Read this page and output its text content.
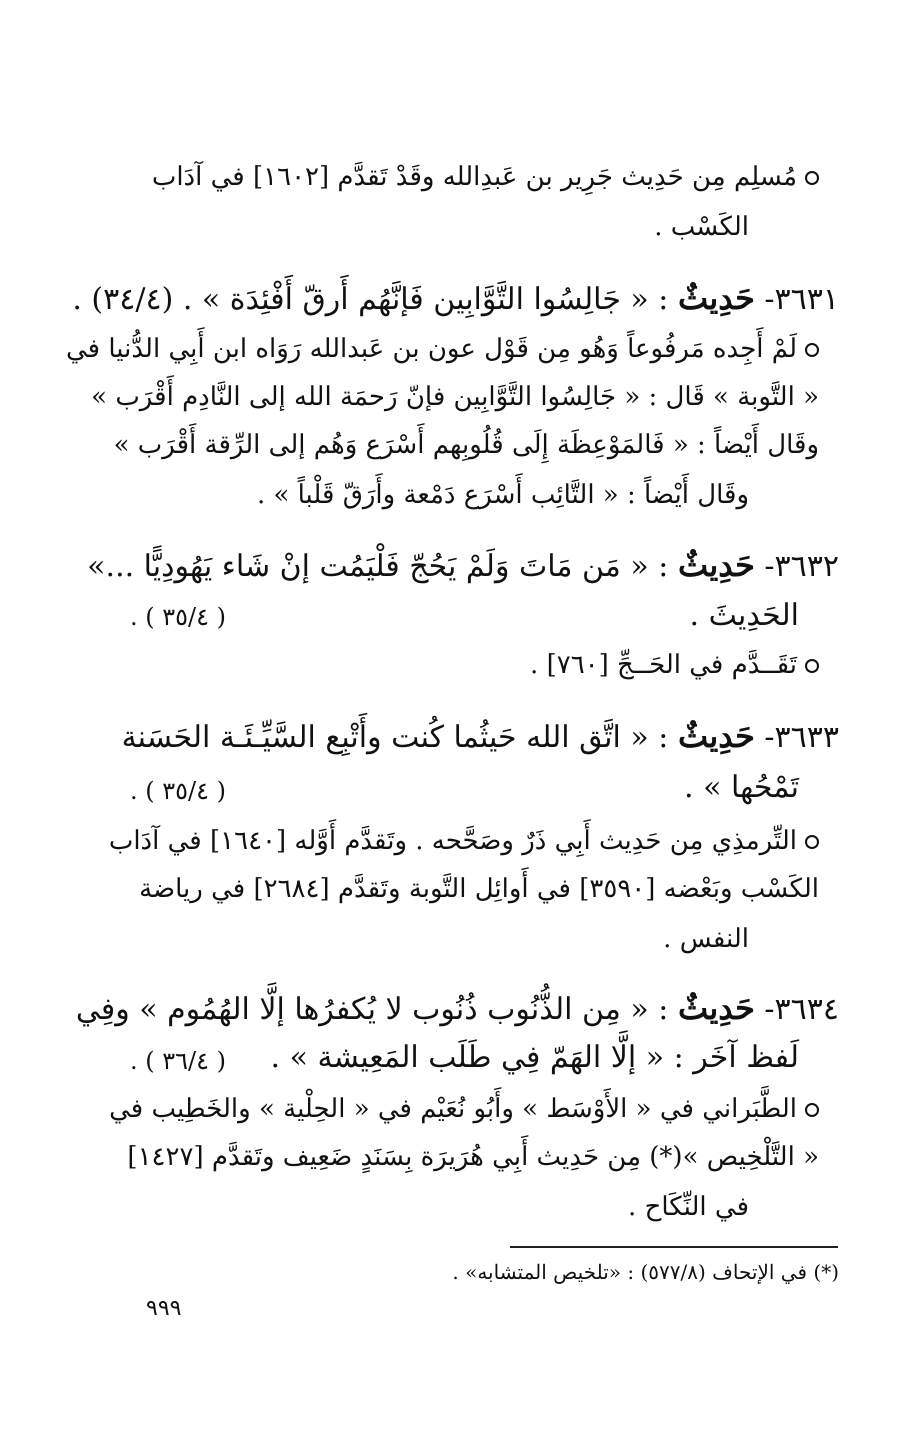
مُسلِم مِن حَدِيث جَرِير بن عَبدِالله وقَدْ تَقدَّم [١٦٠٢] في آدَاب
الكَسْب .
٣٦٣١- حَدِيثٌ : « جَالِسُوا التَّوَّابِين فَإنَّهُم أَرقّ أَفْئِدَة » . (٣٤/٤) .
لَمْ أَجِده مَرفُوعاً وَهُو مِن قَوْل عون بن عَبدالله رَوَاه ابن أَبِي الدُّنيا في
« التَّوبة » قَال : « جَالِسُوا التَّوَّابِين فإنّ رَحمَة الله إلى النَّادِم أَقْرَب »
وقَال أَيْضاً : « فَالمَوْعِظَة إِلَى قُلُوبِهم أَسْرَع وَهُم إلى الرِّقة أَقْرَب »
وقَال أَيْضاً : « التَّائِب أَسْرَع دَمْعة وأَرَقّ قَلْباً » .
٣٦٣٢- حَدِيثٌ : « مَن مَاتَ وَلَمْ يَحُجّ فَلْيَمُت إنْ شَاء يَهُودِيًّا ...»
الحَدِيثَ .
( ٣٥/٤ ) .
تَقَــدَّم في الحَــجِّ [٧٦٠] .
٣٦٣٣- حَدِيثٌ : « اتَّق الله حَيثُما كُنت وأَتْبِع السَّيِّـئَـة الحَسَنة
تَمْحُها » .
( ٣٥/٤ ) .
التِّرمذِي مِن حَدِيث أَبِي ذَرٌ وصَحَّحه . وتَقدَّم أَوَّله [١٦٤٠] في آدَاب
الكَسْب وبَعْضه [٣٥٩٠] في أَوائِل التَّوبة وتَقدَّم [٢٦٨٤] في رياضة
النفس .
٣٦٣٤- حَدِيثٌ : « مِن الذُّنُوب ذُنُوب لا يُكفرُها إلَّا الهُمُوم » وفِي
لَفظ آخَر : « إلَّا الهَمّ فِي طَلَب المَعِيشة » .
( ٣٦/٤ ) .
الطَّبَراني في « الأَوْسَط » وأَبُو نُعَيْم في « الحِلْية » والخَطِيب في
« التَّلْخِيص »(*) مِن حَدِيث أَبِي هُرَيرَة بِسَنَدٍ ضَعِيف وتَقدَّم [١٤٢٧]
في النِّكَاح .
(*) في الإتحاف (٥٧٧/٨) : «تلخيص المتشابه» .
٩٩٩
